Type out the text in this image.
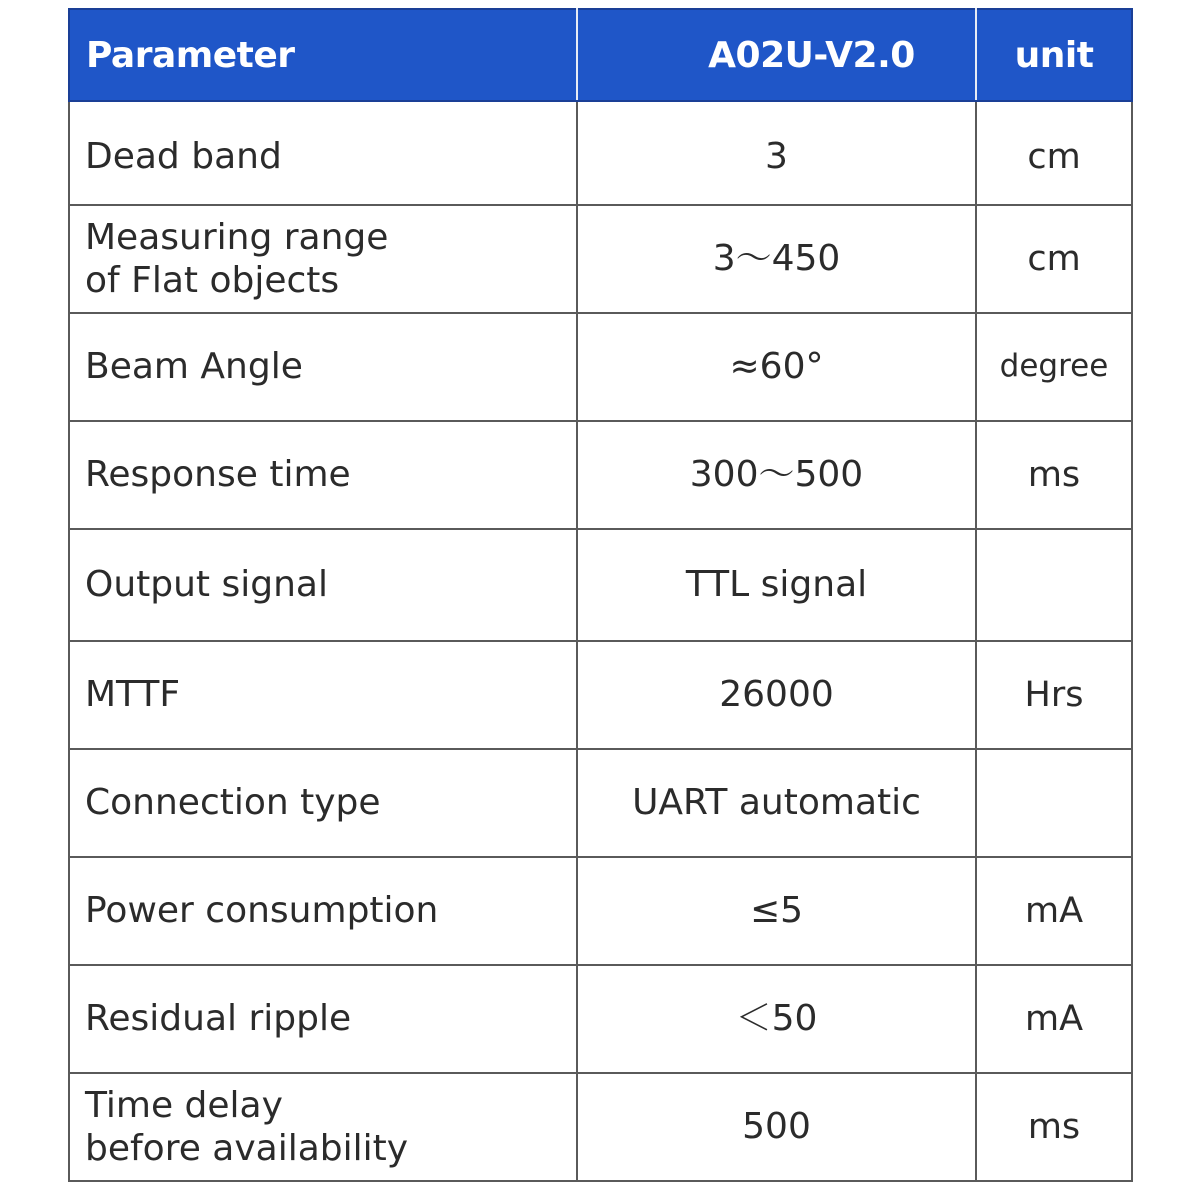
Parameter	A02U-V2.0	unit

Dead band	3	cm

Measuring range
of Flat objects	3～450	cm

Beam Angle	≈60°	degree

Response time	300～500	ms

Output signal	TTL signal	

MTTF	26000	Hrs

Connection type	UART automatic	

Power consumption	≤5	mA

Residual ripple	＜50	mA

Time delay
before availability	500	ms
